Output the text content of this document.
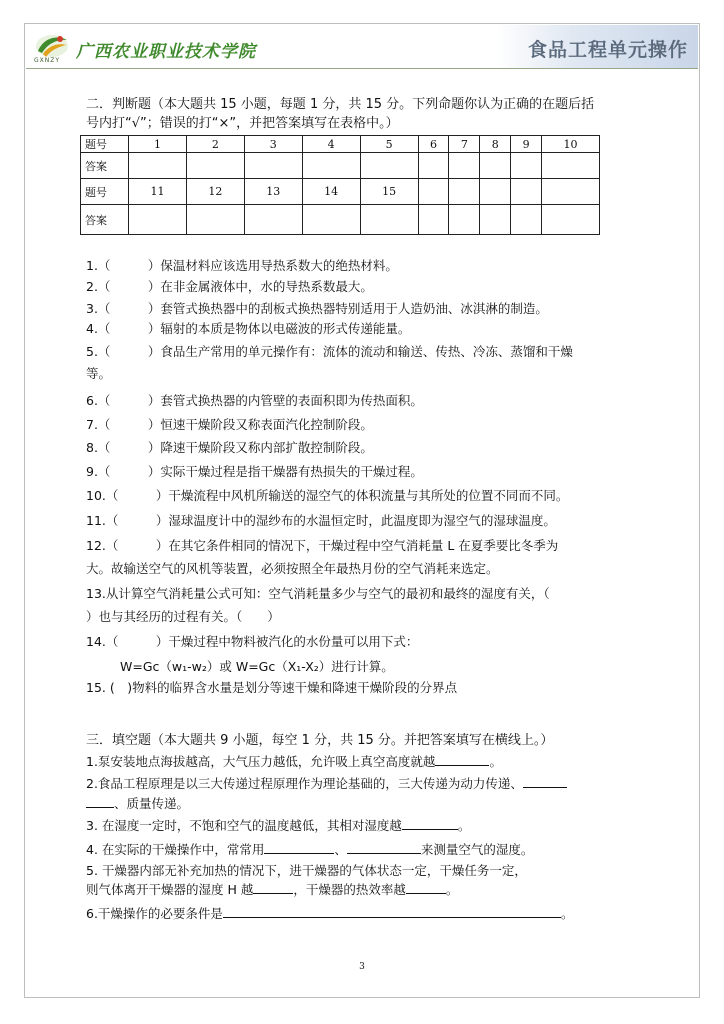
GXNZY 广西农业职业技术学院	食品工程单元操作
二．判断题（本大题共 15 小题，每题 1 分，共 15 分。下列命题你认为正确的在题后括
号内打“√”；错误的打“×”，并把答案填写在表格中。）
题号	1	2	3	4	5	6	7	8	9	10
答案										
题号	11	12	13	14	15					
答案										
1.（　　　）保温材料应该选用导热系数大的绝热材料。
2.（　　　）在非金属液体中，水的导热系数最大。
3.（　　　）套管式换热器中的刮板式换热器特别适用于人造奶油、冰淇淋的制造。
4.（　　　）辐射的本质是物体以电磁波的形式传递能量。
5.（　　　）食品生产常用的单元操作有：流体的流动和输送、传热、冷冻、蒸馏和干燥
等。
6.（　　　）套管式换热器的内管壁的表面积即为传热面积。
7.（　　　）恒速干燥阶段又称表面汽化控制阶段。
8.（　　　）降速干燥阶段又称内部扩散控制阶段。
9.（　　　）实际干燥过程是指干燥器有热损失的干燥过程。
10.（　　　）干燥流程中风机所输送的湿空气的体积流量与其所处的位置不同而不同。
11.（　　　）湿球温度计中的湿纱布的水温恒定时，此温度即为湿空气的湿球温度。
12.（　　　）在其它条件相同的情况下，干燥过程中空气消耗量 L 在夏季要比冬季为
大。故输送空气的风机等装置，必须按照全年最热月份的空气消耗来选定。
13.从计算空气消耗量公式可知：空气消耗量多少与空气的最初和最终的湿度有关，（
）也与其经历的过程有关。（　　）
14.（　　　）干燥过程中物料被汽化的水份量可以用下式：
W=Gc（w₁-w₂）或 W=Gc（X₁-X₂）进行计算。
15. (　)物料的临界含水量是划分等速干燥和降速干燥阶段的分界点
三．填空题（本大题共 9 小题，每空 1 分，共 15 分。并把答案填写在横线上。）
1.泵安装地点海拔越高，大气压力越低，允许吸上真空高度就越	。
2.食品工程原理是以三大传递过程原理作为理论基础的，三大传递为动力传递、
、质量传递。
3. 在湿度一定时，不饱和空气的温度越低，其相对湿度越	。
4. 在实际的干燥操作中，常常用	、	来测量空气的湿度。
5. 干燥器内部无补充加热的情况下，进干燥器的气体状态一定，干燥任务一定，
则气体离开干燥器的湿度 H 越	，干燥器的热效率越	。
6.干燥操作的必要条件是	。
3
